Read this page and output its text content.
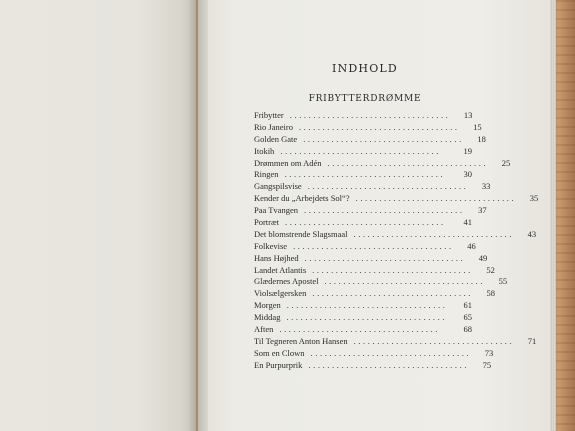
INDHOLD
FRIBYTTERDRØMME
Fribytter ..................................	13
Rio Janeiro ..................................	15
Golden Gate ..................................	18
Itokih ..................................	19
Drømmen om Adén ..................................	25
Ringen ..................................	30
Gangspilsvise ..................................	33
Kender du „Arbejdets Sol“? ..................................	35
Paa Tvangen ..................................	37
Portræt ..................................	41
Det blomstrende Slagsmaal ..................................	43
Folkevise ..................................	46
Hans Højhed ..................................	49
Landet Atlantis ..................................	52
Glædernes Apostel ..................................	55
Violsælgersken ..................................	58
Morgen ..................................	61
Middag ..................................	65
Aften ..................................	68
Til Tegneren Anton Hansen ..................................	71
Som en Clown ..................................	73
En Purpurprik ..................................	75
